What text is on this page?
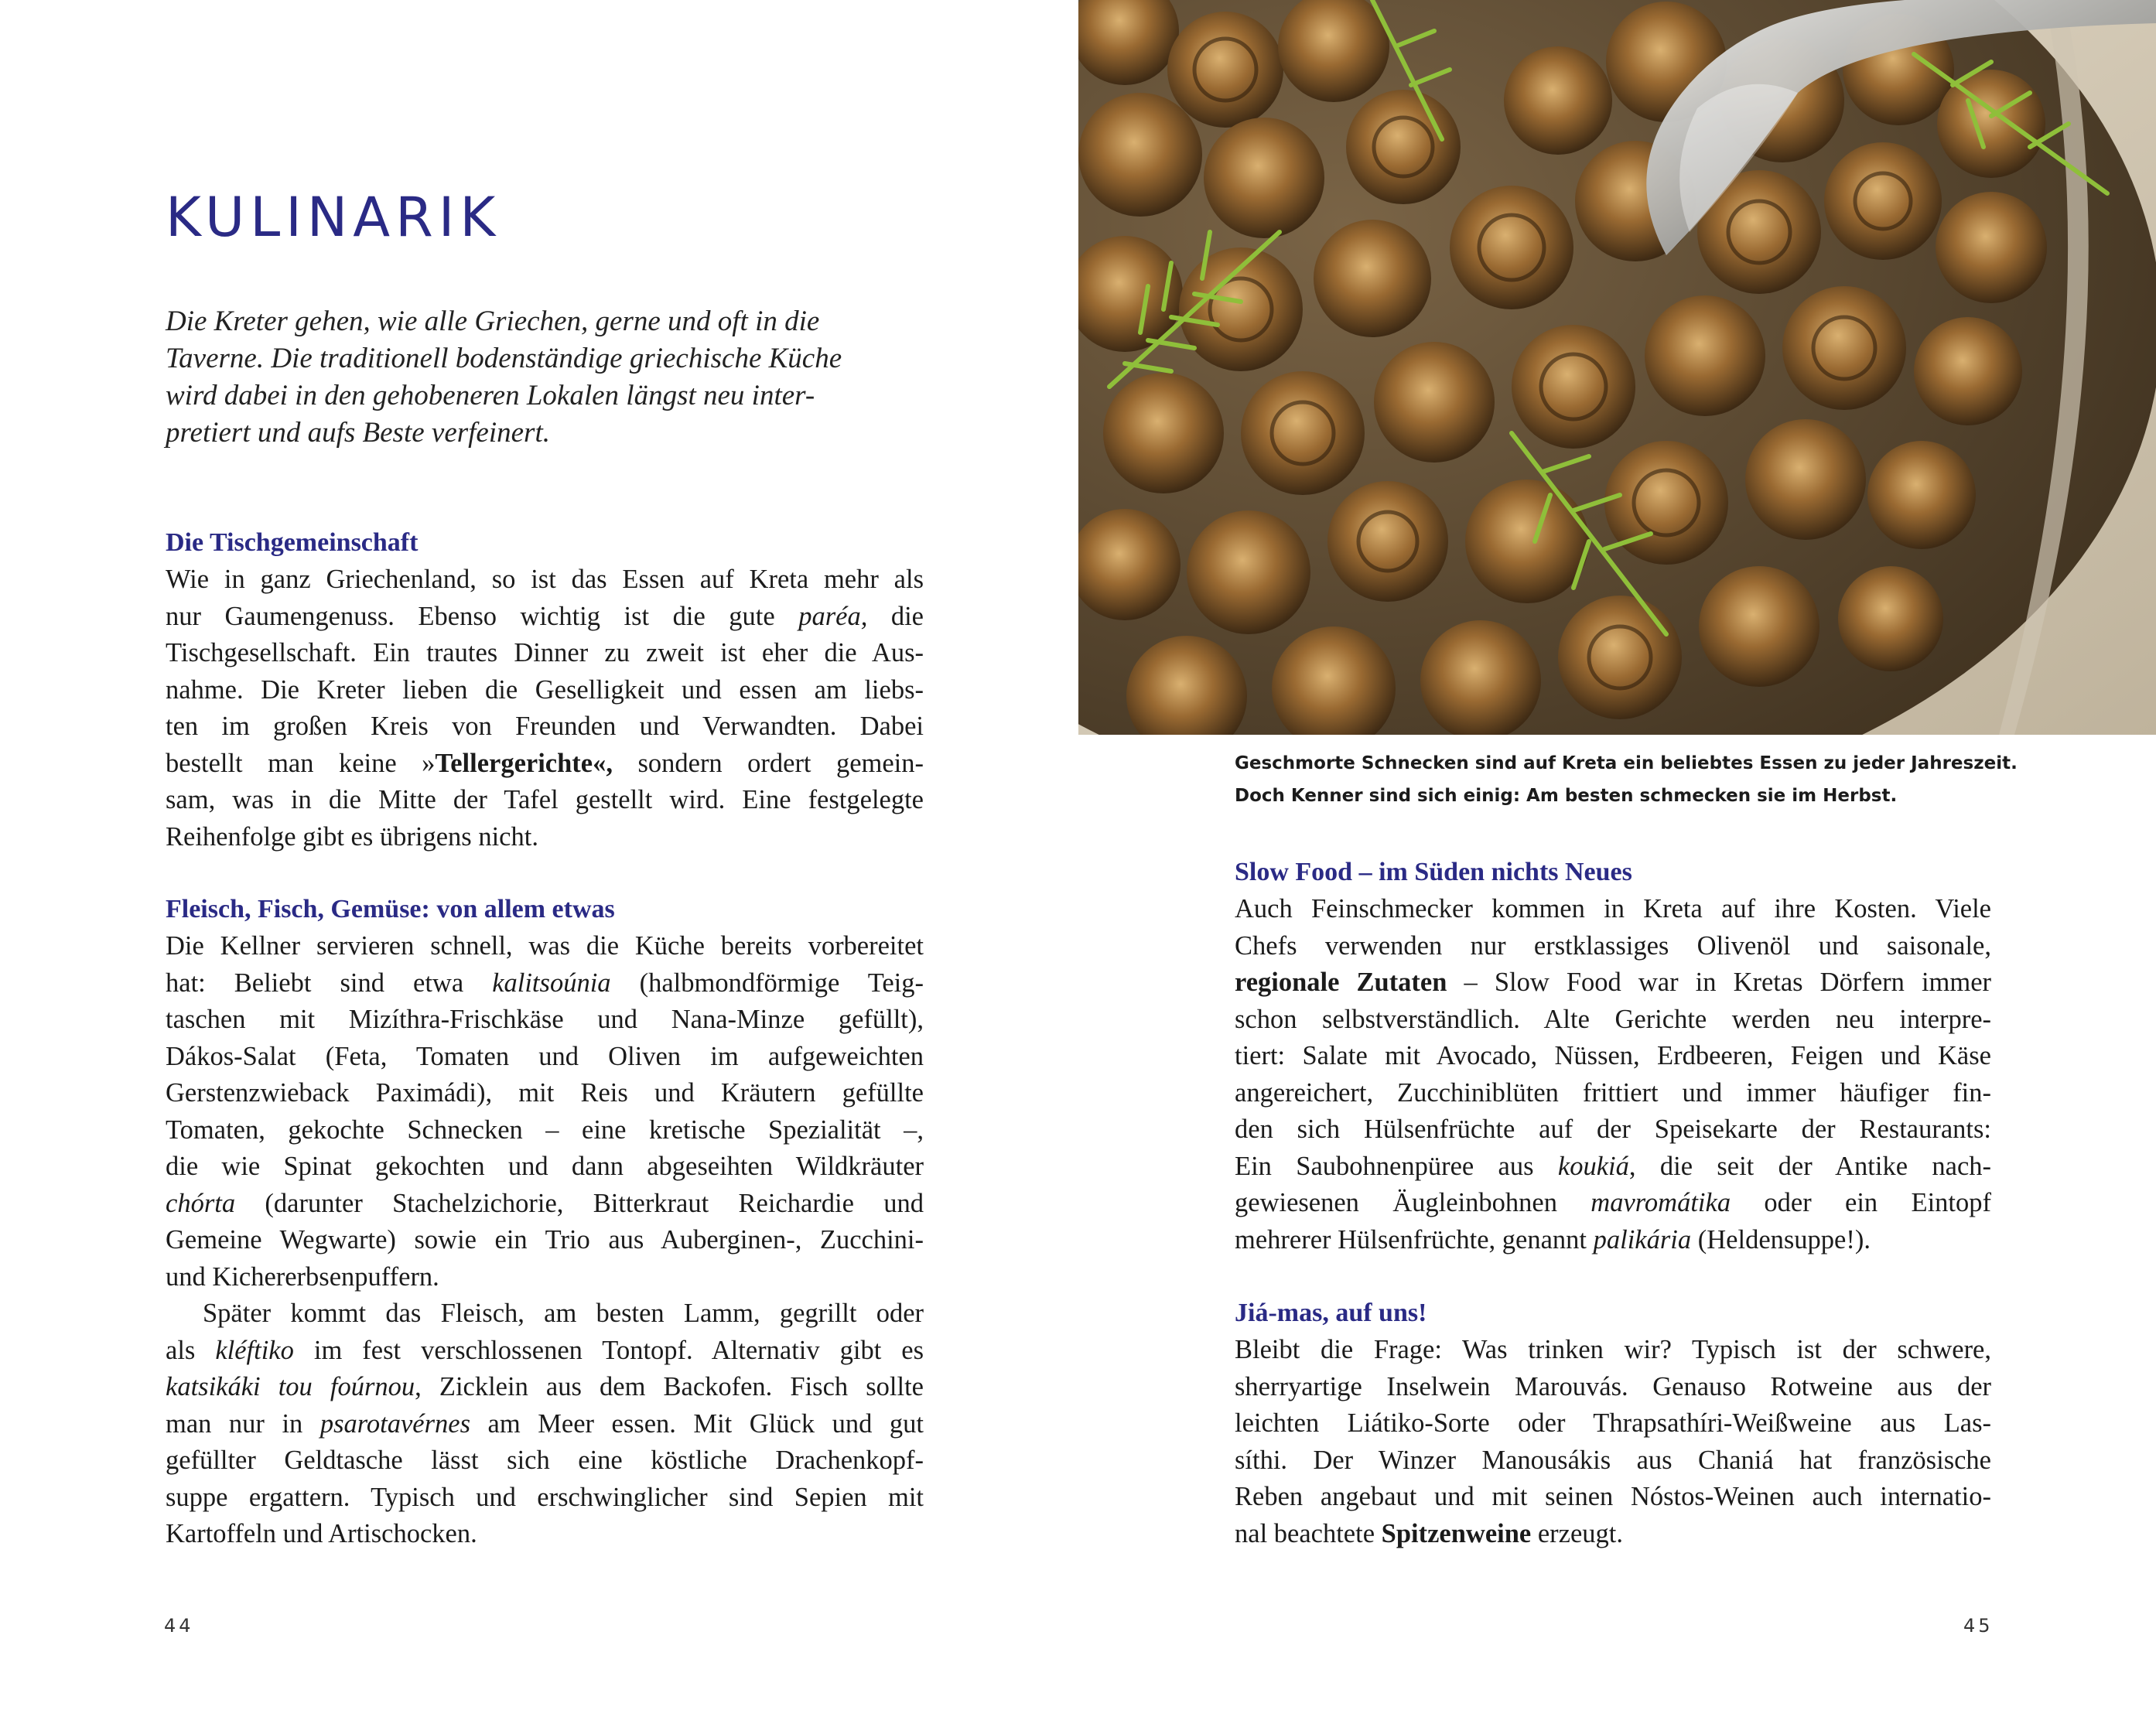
KULINARIK
Die Kreter gehen, wie alle Griechen, gerne und oft in die
Taverne. Die traditionell bodenständige griechische Küche
wird dabei in den gehobeneren Lokalen längst neu inter-
pretiert und aufs Beste verfeinert.
Die Tischgemeinschaft
Wie in ganz Griechenland, so ist das Essen auf Kreta mehr als
nur Gaumengenuss. Ebenso wichtig ist die gute paréa, die
Tischgesellschaft. Ein trautes Dinner zu zweit ist eher die Aus-
nahme. Die Kreter lieben die Geselligkeit und essen am liebs-
ten im großen Kreis von Freunden und Verwandten. Dabei
bestellt man keine »Tellergerichte«, sondern ordert gemein-
sam, was in die Mitte der Tafel gestellt wird. Eine festgelegte
Reihenfolge gibt es übrigens nicht.
Fleisch, Fisch, Gemüse: von allem etwas
Die Kellner servieren schnell, was die Küche bereits vorbereitet
hat: Beliebt sind etwa kalitsoúnia (halbmondförmige Teig-
taschen mit Mizíthra-Frischkäse und Nana-Minze gefüllt),
Dákos-Salat (Feta, Tomaten und Oliven im aufgeweichten
Gerstenzwieback Paximádi), mit Reis und Kräutern gefüllte
Tomaten, gekochte Schnecken – eine kretische Spezialität –,
die wie Spinat gekochten und dann abgeseihten Wildkräuter
chórta (darunter Stachelzichorie, Bitterkraut Reichardie und
Gemeine Wegwarte) sowie ein Trio aus Auberginen-, Zucchini-
und Kichererbsenpuffern.
Später kommt das Fleisch, am besten Lamm, gegrillt oder
als kléftiko im fest verschlossenen Tontopf. Alternativ gibt es
katsikáki tou foúrnou, Zicklein aus dem Backofen. Fisch sollte
man nur in psarotavérnes am Meer essen. Mit Glück und gut
gefüllter Geldtasche lässt sich eine köstliche Drachenkopf-
suppe ergattern. Typisch und erschwinglicher sind Sepien mit
Kartoffeln und Artischocken.
44
Geschmorte Schnecken sind auf Kreta ein beliebtes Essen zu jeder Jahreszeit.
Doch Kenner sind sich einig: Am besten schmecken sie im Herbst.
Slow Food – im Süden nichts Neues
Auch Feinschmecker kommen in Kreta auf ihre Kosten. Viele
Chefs verwenden nur erstklassiges Olivenöl und saisonale,
regionale Zutaten – Slow Food war in Kretas Dörfern immer
schon selbstverständlich. Alte Gerichte werden neu interpre-
tiert: Salate mit Avocado, Nüssen, Erdbeeren, Feigen und Käse
angereichert, Zucchiniblüten frittiert und immer häufiger fin-
den sich Hülsenfrüchte auf der Speisekarte der Restaurants:
Ein Saubohnenpüree aus koukiá, die seit der Antike nach-
gewiesenen Äugleinbohnen mavromátika oder ein Eintopf
mehrerer Hülsenfrüchte, genannt palikária (Heldensuppe!).
Jiá-mas, auf uns!
Bleibt die Frage: Was trinken wir? Typisch ist der schwere,
sherryartige Inselwein Marouvás. Genauso Rotweine aus der
leichten Liátiko-Sorte oder Thrapsathíri-Weißweine aus Las-
síthi. Der Winzer Manousákis aus Chaniá hat französische
Reben angebaut und mit seinen Nóstos-Weinen auch internatio-
nal beachtete Spitzenweine erzeugt.
45
